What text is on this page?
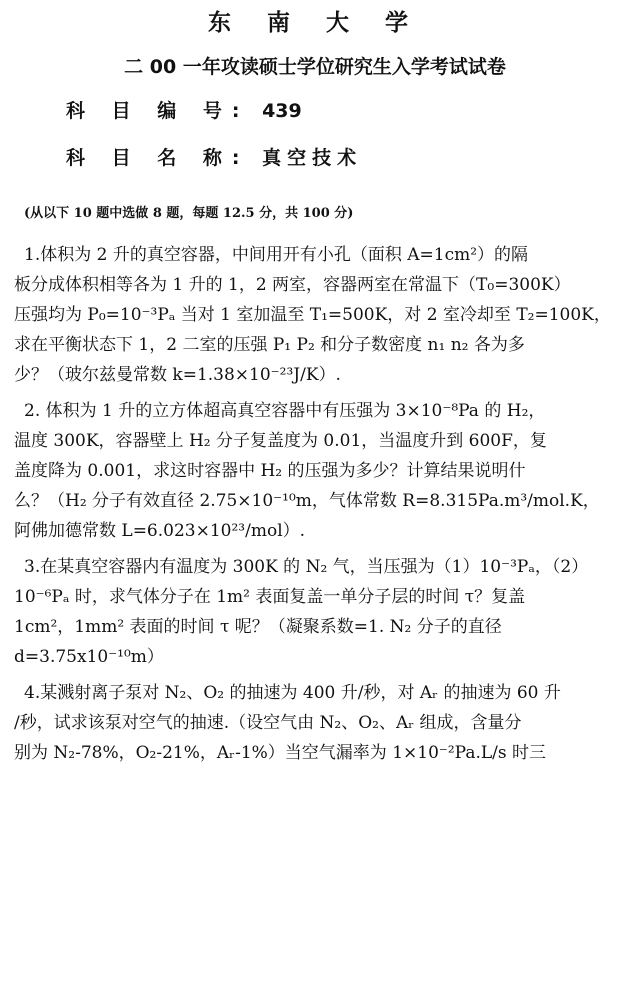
东 南 大 学
二 00 一年攻读硕士学位研究生入学考试试卷
科 目 编 号: 439
科 目 名 称: 真空技术
(从以下 10 题中选做 8 题，每题 12.5 分，共 100 分)
1.体积为 2 升的真空容器，中间用开有小孔（面积 A=1cm²）的隔
板分成体积相等各为 1 升的 1，2 两室，容器两室在常温下（T₀=300K）
压强均为 P₀=10⁻³Pₐ 当对 1 室加温至 T₁=500K，对 2 室冷却至 T₂=100K，
求在平衡状态下 1，2 二室的压强 P₁ P₂ 和分子数密度 n₁ n₂ 各为多
少？（玻尔兹曼常数 k=1.38×10⁻²³J/K）.
2. 体积为 1 升的立方体超高真空容器中有压强为 3×10⁻⁸Pa 的 H₂，
温度 300K，容器壁上 H₂ 分子复盖度为 0.01，当温度升到 600F，复
盖度降为 0.001，求这时容器中 H₂ 的压强为多少？计算结果说明什
么？（H₂ 分子有效直径 2.75×10⁻¹⁰m，气体常数 R=8.315Pa.m³/mol.K，
阿佛加德常数 L=6.023×10²³/mol）.
3.在某真空容器内有温度为 300K 的 N₂ 气，当压强为（1）10⁻³Pₐ，（2）
10⁻⁶Pₐ 时，求气体分子在 1m² 表面复盖一单分子层的时间 τ？复盖
1cm²，1mm² 表面的时间 τ 呢？（凝聚系数=1. N₂ 分子的直径
d=3.75x10⁻¹⁰m）
4.某溅射离子泵对 N₂、O₂ 的抽速为 400 升/秒，对 Aᵣ 的抽速为 60 升
/秒，试求该泵对空气的抽速.（设空气由 N₂、O₂、Aᵣ 组成，含量分
别为 N₂-78%，O₂-21%，Aᵣ-1%）当空气漏率为 1×10⁻²Pa.L/s 时三
